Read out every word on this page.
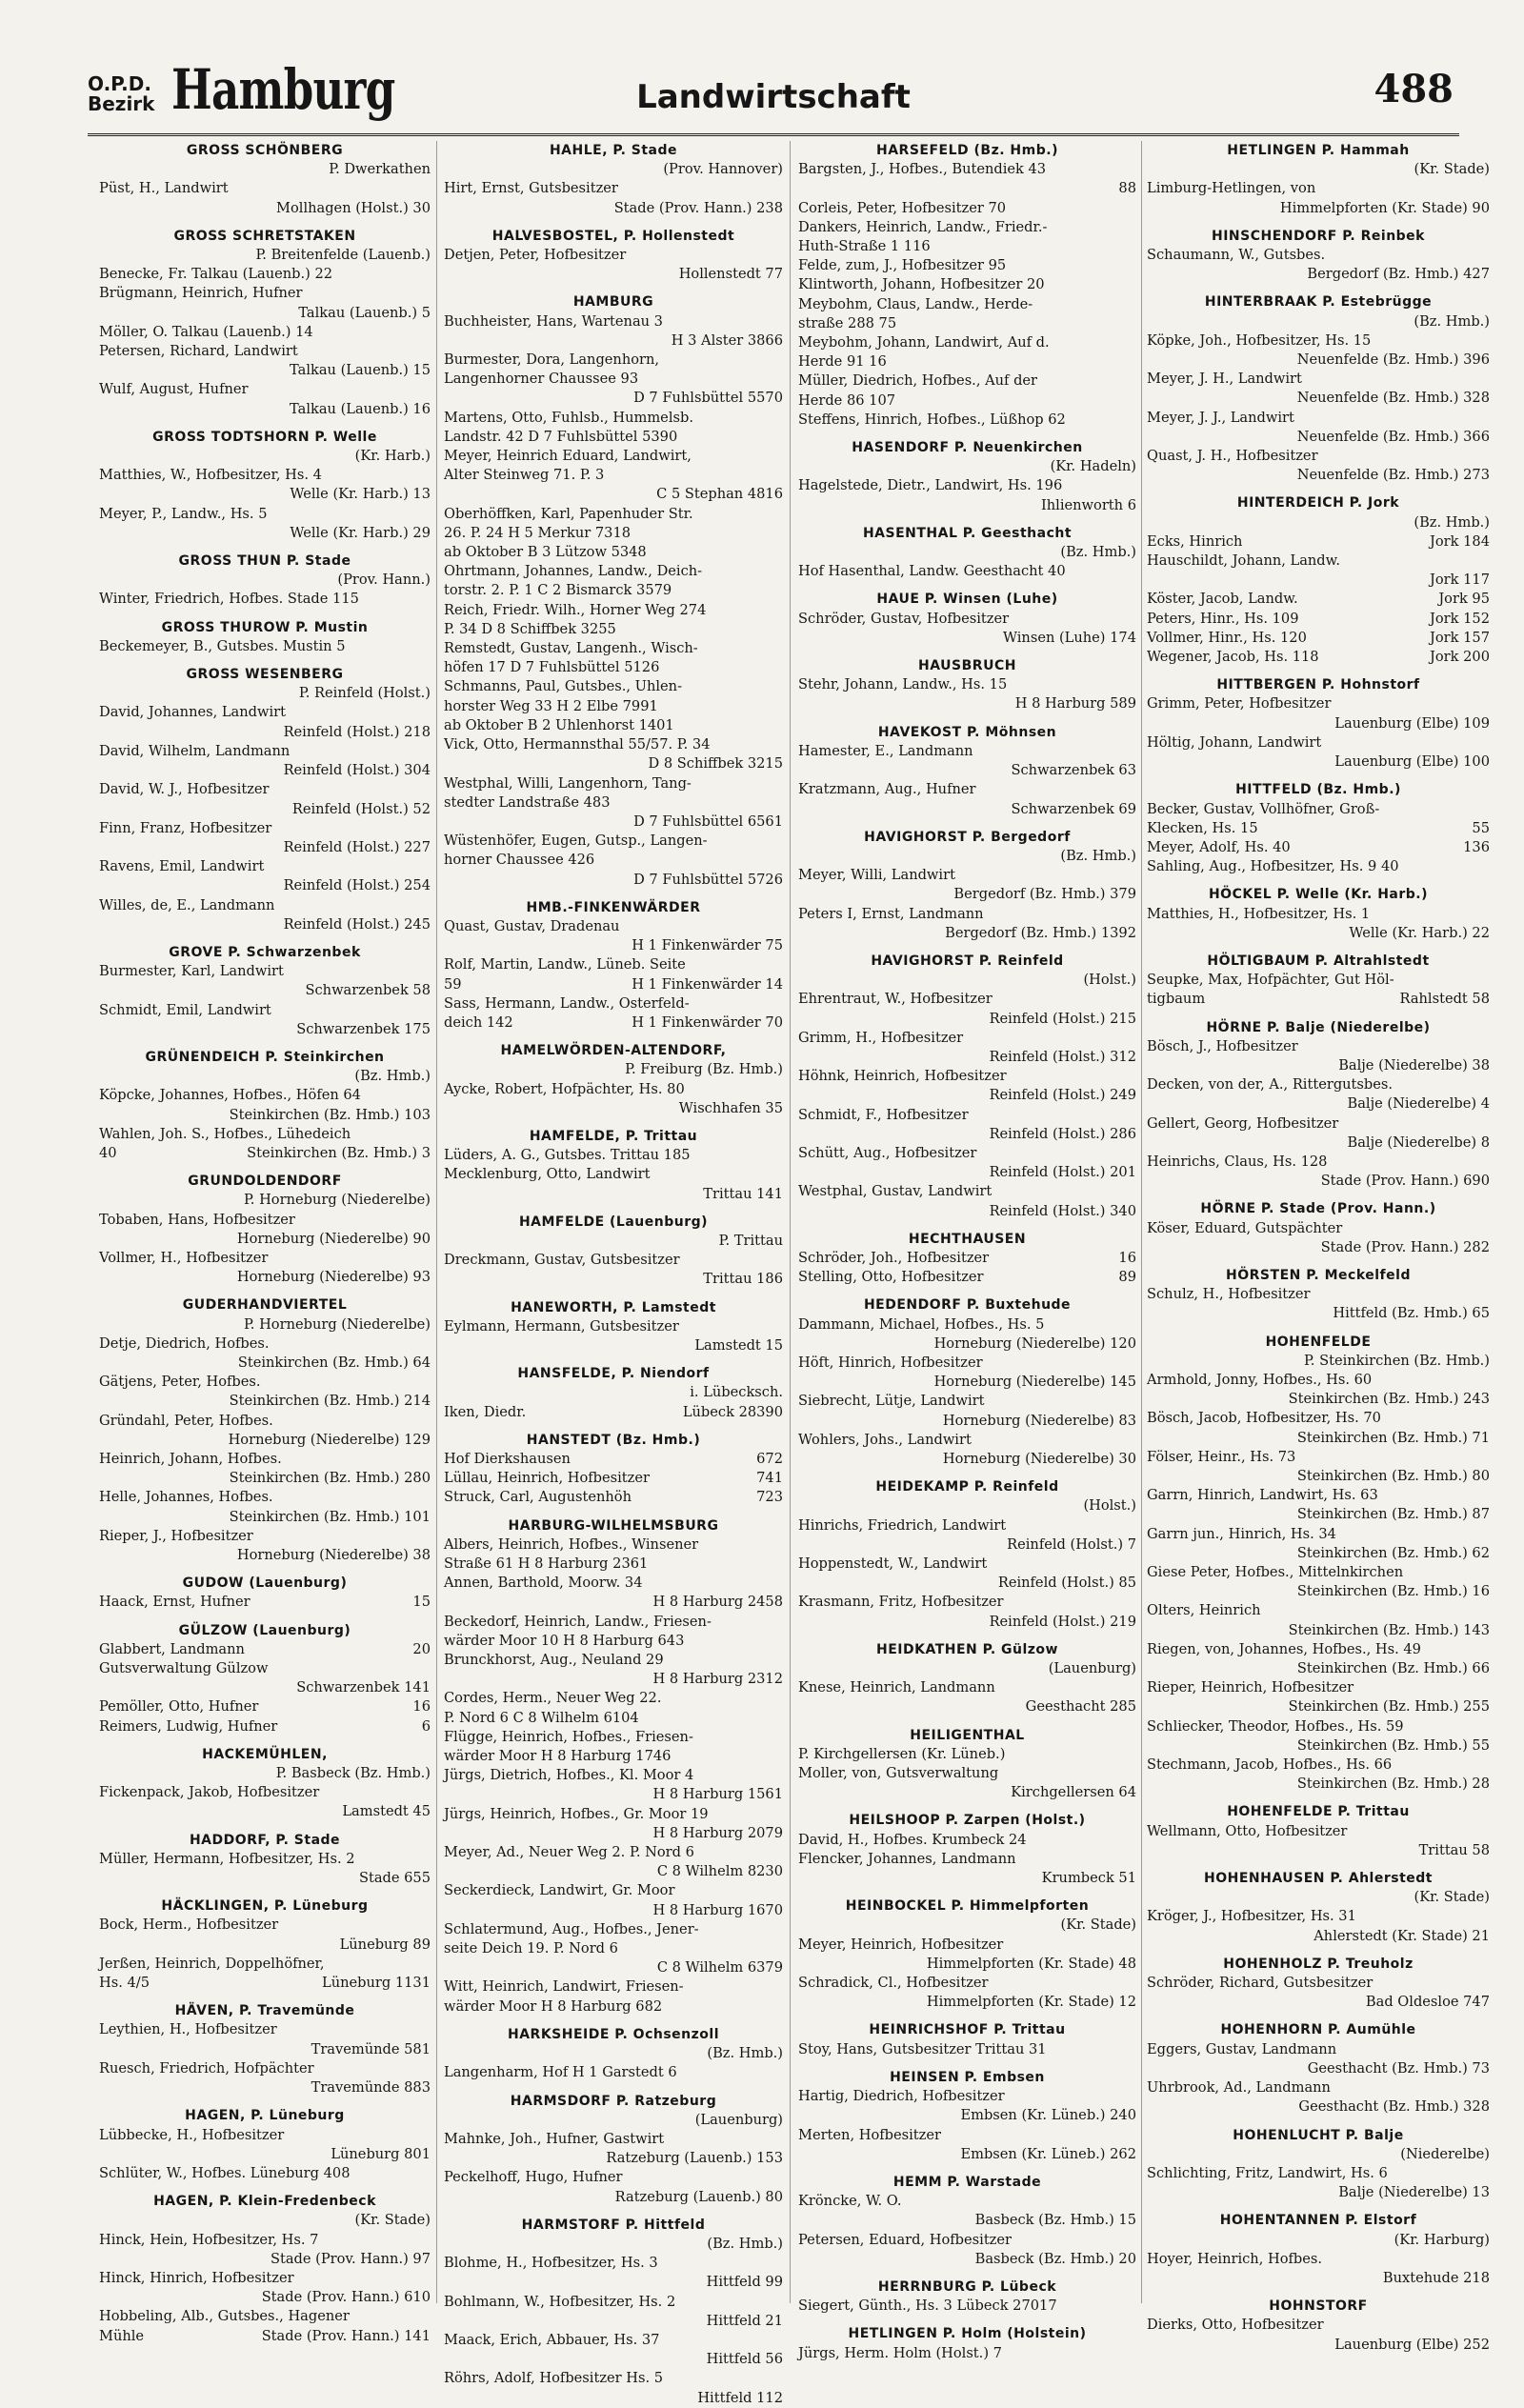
O.P.D.
Bezirk Hamburg	Landwirtschaft	488
GROSS SCHÖNBERG
P. Dwerkathen
Püst, H., Landwirt
Mollhagen (Holst.) 30
GROSS SCHRETSTAKEN
P. Breitenfelde (Lauenb.)
Benecke, Fr. Talkau (Lauenb.) 22
Brügmann, Heinrich, Hufner
Talkau (Lauenb.) 5
Möller, O. Talkau (Lauenb.) 14
Petersen, Richard, Landwirt
Talkau (Lauenb.) 15
Wulf, August, Hufner
Talkau (Lauenb.) 16
GROSS TODTSHORN P. Welle
(Kr. Harb.)
Matthies, W., Hofbesitzer, Hs. 4
Welle (Kr. Harb.) 13
Meyer, P., Landw., Hs. 5
Welle (Kr. Harb.) 29
GROSS THUN P. Stade
(Prov. Hann.)
Winter, Friedrich, Hofbes. Stade 115
GROSS THUROW P. Mustin
Beckemeyer, B., Gutsbes. Mustin 5
GROSS WESENBERG
P. Reinfeld (Holst.)
David, Johannes, Landwirt
Reinfeld (Holst.) 218
David, Wilhelm, Landmann
Reinfeld (Holst.) 304
David, W. J., Hofbesitzer
Reinfeld (Holst.) 52
Finn, Franz, Hofbesitzer
Reinfeld (Holst.) 227
Ravens, Emil, Landwirt
Reinfeld (Holst.) 254
Willes, de, E., Landmann
Reinfeld (Holst.) 245
GROVE P. Schwarzenbek
Burmester, Karl, Landwirt
Schwarzenbek 58
Schmidt, Emil, Landwirt
Schwarzenbek 175
GRÜNENDEICH P. Steinkirchen
(Bz. Hmb.)
Köpcke, Johannes, Hofbes., Höfen 64
Steinkirchen (Bz. Hmb.) 103
Wahlen, Joh. S., Hofbes., Lühedeich
40	Steinkirchen (Bz. Hmb.) 3
GRUNDOLDENDORF
P. Horneburg (Niederelbe)
Tobaben, Hans, Hofbesitzer
Horneburg (Niederelbe) 90
Vollmer, H., Hofbesitzer
Horneburg (Niederelbe) 93
GUDERHANDVIERTEL
P. Horneburg (Niederelbe)
Detje, Diedrich, Hofbes.
Steinkirchen (Bz. Hmb.) 64
Gätjens, Peter, Hofbes.
Steinkirchen (Bz. Hmb.) 214
Gründahl, Peter, Hofbes.
Horneburg (Niederelbe) 129
Heinrich, Johann, Hofbes.
Steinkirchen (Bz. Hmb.) 280
Helle, Johannes, Hofbes.
Steinkirchen (Bz. Hmb.) 101
Rieper, J., Hofbesitzer
Horneburg (Niederelbe) 38
GUDOW (Lauenburg)
Haack, Ernst, Hufner	15
GÜLZOW (Lauenburg)
Glabbert, Landmann	20
Gutsverwaltung Gülzow
Schwarzenbek 141
Pemöller, Otto, Hufner	16
Reimers, Ludwig, Hufner	6
HACKEMÜHLEN,
P. Basbeck (Bz. Hmb.)
Fickenpack, Jakob, Hofbesitzer
Lamstedt 45
HADDORF, P. Stade
Müller, Hermann, Hofbesitzer, Hs. 2
Stade 655
HÄCKLINGEN, P. Lüneburg
Bock, Herm., Hofbesitzer
Lüneburg 89
Jerßen, Heinrich, Doppelhöfner,
Hs. 4/5	Lüneburg 1131
HÄVEN, P. Travemünde
Leythien, H., Hofbesitzer
Travemünde 581
Ruesch, Friedrich, Hofpächter
Travemünde 883
HAGEN, P. Lüneburg
Lübbecke, H., Hofbesitzer
Lüneburg 801
Schlüter, W., Hofbes. Lüneburg 408
HAGEN, P. Klein-Fredenbeck
(Kr. Stade)
Hinck, Hein, Hofbesitzer, Hs. 7
Stade (Prov. Hann.) 97
Hinck, Hinrich, Hofbesitzer
Stade (Prov. Hann.) 610
Hobbeling, Alb., Gutsbes., Hagener
Mühle	Stade (Prov. Hann.) 141
HAHLE, P. Stade
(Prov. Hannover)
Hirt, Ernst, Gutsbesitzer
Stade (Prov. Hann.) 238
HALVESBOSTEL, P. Hollenstedt
Detjen, Peter, Hofbesitzer
Hollenstedt 77
HAMBURG
Buchheister, Hans, Wartenau 3
H 3 Alster 3866
Burmester, Dora, Langenhorn,
Langenhorner Chaussee 93
D 7 Fuhlsbüttel 5570
Martens, Otto, Fuhlsb., Hummelsb.
Landstr. 42 D 7 Fuhlsbüttel 5390
Meyer, Heinrich Eduard, Landwirt,
Alter Steinweg 71. P. 3
C 5 Stephan 4816
Oberhöffken, Karl, Papenhuder Str.
26. P. 24 H 5 Merkur 7318
ab Oktober B 3 Lützow 5348
Ohrtmann, Johannes, Landw., Deich-
torstr. 2. P. 1 C 2 Bismarck 3579
Reich, Friedr. Wilh., Horner Weg 274
P. 34 D 8 Schiffbek 3255
Remstedt, Gustav, Langenh., Wisch-
höfen 17 D 7 Fuhlsbüttel 5126
Schmanns, Paul, Gutsbes., Uhlen-
horster Weg 33 H 2 Elbe 7991
ab Oktober B 2 Uhlenhorst 1401
Vick, Otto, Hermannsthal 55/57. P. 34
D 8 Schiffbek 3215
Westphal, Willi, Langenhorn, Tang-
stedter Landstraße 483
D 7 Fuhlsbüttel 6561
Wüstenhöfer, Eugen, Gutsp., Langen-
horner Chaussee 426
D 7 Fuhlsbüttel 5726
HMB.-FINKENWÄRDER
Quast, Gustav, Dradenau
H 1 Finkenwärder 75
Rolf, Martin, Landw., Lüneb. Seite
59	H 1 Finkenwärder 14
Sass, Hermann, Landw., Osterfeld-
deich 142	H 1 Finkenwärder 70
HAMELWÖRDEN-ALTENDORF,
P. Freiburg (Bz. Hmb.)
Aycke, Robert, Hofpächter, Hs. 80
Wischhafen 35
HAMFELDE, P. Trittau
Lüders, A. G., Gutsbes. Trittau 185
Mecklenburg, Otto, Landwirt
Trittau 141
HAMFELDE (Lauenburg)
P. Trittau
Dreckmann, Gustav, Gutsbesitzer
Trittau 186
HANEWORTH, P. Lamstedt
Eylmann, Hermann, Gutsbesitzer
Lamstedt 15
HANSFELDE, P. Niendorf
i. Lübecksch.
Iken, Diedr.	Lübeck 28390
HANSTEDT (Bz. Hmb.)
Hof Dierkshausen	672
Lüllau, Heinrich, Hofbesitzer	741
Struck, Carl, Augustenhöh	723
HARBURG-WILHELMSBURG
Albers, Heinrich, Hofbes., Winsener
Straße 61 H 8 Harburg 2361
Annen, Barthold, Moorw. 34
H 8 Harburg 2458
Beckedorf, Heinrich, Landw., Friesen-
wärder Moor 10 H 8 Harburg 643
Brunckhorst, Aug., Neuland 29
H 8 Harburg 2312
Cordes, Herm., Neuer Weg 22.
P. Nord 6 C 8 Wilhelm 6104
Flügge, Heinrich, Hofbes., Friesen-
wärder Moor H 8 Harburg 1746
Jürgs, Dietrich, Hofbes., Kl. Moor 4
H 8 Harburg 1561
Jürgs, Heinrich, Hofbes., Gr. Moor 19
H 8 Harburg 2079
Meyer, Ad., Neuer Weg 2. P. Nord 6
C 8 Wilhelm 8230
Seckerdieck, Landwirt, Gr. Moor
H 8 Harburg 1670
Schlatermund, Aug., Hofbes., Jener-
seite Deich 19. P. Nord 6
C 8 Wilhelm 6379
Witt, Heinrich, Landwirt, Friesen-
wärder Moor H 8 Harburg 682
HARKSHEIDE P. Ochsenzoll
(Bz. Hmb.)
Langenharm, Hof H 1 Garstedt 6
HARMSDORF P. Ratzeburg
(Lauenburg)
Mahnke, Joh., Hufner, Gastwirt
Ratzeburg (Lauenb.) 153
Peckelhoff, Hugo, Hufner
Ratzeburg (Lauenb.) 80
HARMSTORF P. Hittfeld
(Bz. Hmb.)
Blohme, H., Hofbesitzer, Hs. 3
Hittfeld 99
Bohlmann, W., Hofbesitzer, Hs. 2
Hittfeld 21
Maack, Erich, Abbauer, Hs. 37
Hittfeld 56
Röhrs, Adolf, Hofbesitzer Hs. 5
Hittfeld 112
HARSEFELD (Bz. Hmb.)
Bargsten, J., Hofbes., Butendiek 43
88
Corleis, Peter, Hofbesitzer 70
Dankers, Heinrich, Landw., Friedr.-
Huth-Straße 1 116
Felde, zum, J., Hofbesitzer 95
Klintworth, Johann, Hofbesitzer 20
Meybohm, Claus, Landw., Herde-
straße 288 75
Meybohm, Johann, Landwirt, Auf d.
Herde 91 16
Müller, Diedrich, Hofbes., Auf der
Herde 86 107
Steffens, Hinrich, Hofbes., Lüßhop 62
HASENDORF P. Neuenkirchen
(Kr. Hadeln)
Hagelstede, Dietr., Landwirt, Hs. 196
Ihlienworth 6
HASENTHAL P. Geesthacht
(Bz. Hmb.)
Hof Hasenthal, Landw. Geesthacht 40
HAUE P. Winsen (Luhe)
Schröder, Gustav, Hofbesitzer
Winsen (Luhe) 174
HAUSBRUCH
Stehr, Johann, Landw., Hs. 15
H 8 Harburg 589
HAVEKOST P. Möhnsen
Hamester, E., Landmann
Schwarzenbek 63
Kratzmann, Aug., Hufner
Schwarzenbek 69
HAVIGHORST P. Bergedorf
(Bz. Hmb.)
Meyer, Willi, Landwirt
Bergedorf (Bz. Hmb.) 379
Peters I, Ernst, Landmann
Bergedorf (Bz. Hmb.) 1392
HAVIGHORST P. Reinfeld
(Holst.)
Ehrentraut, W., Hofbesitzer
Reinfeld (Holst.) 215
Grimm, H., Hofbesitzer
Reinfeld (Holst.) 312
Höhnk, Heinrich, Hofbesitzer
Reinfeld (Holst.) 249
Schmidt, F., Hofbesitzer
Reinfeld (Holst.) 286
Schütt, Aug., Hofbesitzer
Reinfeld (Holst.) 201
Westphal, Gustav, Landwirt
Reinfeld (Holst.) 340
HECHTHAUSEN
Schröder, Joh., Hofbesitzer	16
Stelling, Otto, Hofbesitzer	89
HEDENDORF P. Buxtehude
Dammann, Michael, Hofbes., Hs. 5
Horneburg (Niederelbe) 120
Höft, Hinrich, Hofbesitzer
Horneburg (Niederelbe) 145
Siebrecht, Lütje, Landwirt
Horneburg (Niederelbe) 83
Wohlers, Johs., Landwirt
Horneburg (Niederelbe) 30
HEIDEKAMP P. Reinfeld
(Holst.)
Hinrichs, Friedrich, Landwirt
Reinfeld (Holst.) 7
Hoppenstedt, W., Landwirt
Reinfeld (Holst.) 85
Krasmann, Fritz, Hofbesitzer
Reinfeld (Holst.) 219
HEIDKATHEN P. Gülzow
(Lauenburg)
Knese, Heinrich, Landmann
Geesthacht 285
HEILIGENTHAL
P. Kirchgellersen (Kr. Lüneb.)
Moller, von, Gutsverwaltung
Kirchgellersen 64
HEILSHOOP P. Zarpen (Holst.)
David, H., Hofbes. Krumbeck 24
Flencker, Johannes, Landmann
Krumbeck 51
HEINBOCKEL P. Himmelpforten
(Kr. Stade)
Meyer, Heinrich, Hofbesitzer
Himmelpforten (Kr. Stade) 48
Schradick, Cl., Hofbesitzer
Himmelpforten (Kr. Stade) 12
HEINRICHSHOF P. Trittau
Stoy, Hans, Gutsbesitzer Trittau 31
HEINSEN P. Embsen
Hartig, Diedrich, Hofbesitzer
Embsen (Kr. Lüneb.) 240
Merten, Hofbesitzer
Embsen (Kr. Lüneb.) 262
HEMM P. Warstade
Kröncke, W. O.
Basbeck (Bz. Hmb.) 15
Petersen, Eduard, Hofbesitzer
Basbeck (Bz. Hmb.) 20
HERRNBURG P. Lübeck
Siegert, Günth., Hs. 3 Lübeck 27017
HETLINGEN P. Holm (Holstein)
Jürgs, Herm. Holm (Holst.) 7
HETLINGEN P. Hammah
(Kr. Stade)
Limburg-Hetlingen, von
Himmelpforten (Kr. Stade) 90
HINSCHENDORF P. Reinbek
Schaumann, W., Gutsbes.
Bergedorf (Bz. Hmb.) 427
HINTERBRAAK P. Estebrügge
(Bz. Hmb.)
Köpke, Joh., Hofbesitzer, Hs. 15
Neuenfelde (Bz. Hmb.) 396
Meyer, J. H., Landwirt
Neuenfelde (Bz. Hmb.) 328
Meyer, J. J., Landwirt
Neuenfelde (Bz. Hmb.) 366
Quast, J. H., Hofbesitzer
Neuenfelde (Bz. Hmb.) 273
HINTERDEICH P. Jork
(Bz. Hmb.)
Ecks, Hinrich	Jork 184
Hauschildt, Johann, Landw.
Jork 117
Köster, Jacob, Landw.	Jork 95
Peters, Hinr., Hs. 109	Jork 152
Vollmer, Hinr., Hs. 120	Jork 157
Wegener, Jacob, Hs. 118	Jork 200
HITTBERGEN P. Hohnstorf
Grimm, Peter, Hofbesitzer
Lauenburg (Elbe) 109
Höltig, Johann, Landwirt
Lauenburg (Elbe) 100
HITTFELD (Bz. Hmb.)
Becker, Gustav, Vollhöfner, Groß-
Klecken, Hs. 15	55
Meyer, Adolf, Hs. 40	136
Sahling, Aug., Hofbesitzer, Hs. 9 40
HÖCKEL P. Welle (Kr. Harb.)
Matthies, H., Hofbesitzer, Hs. 1
Welle (Kr. Harb.) 22
HÖLTIGBAUM P. Altrahlstedt
Seupke, Max, Hofpächter, Gut Höl-
tigbaum	Rahlstedt 58
HÖRNE P. Balje (Niederelbe)
Bösch, J., Hofbesitzer
Balje (Niederelbe) 38
Decken, von der, A., Rittergutsbes.
Balje (Niederelbe) 4
Gellert, Georg, Hofbesitzer
Balje (Niederelbe) 8
Heinrichs, Claus, Hs. 128
Stade (Prov. Hann.) 690
HÖRNE P. Stade (Prov. Hann.)
Köser, Eduard, Gutspächter
Stade (Prov. Hann.) 282
HÖRSTEN P. Meckelfeld
Schulz, H., Hofbesitzer
Hittfeld (Bz. Hmb.) 65
HOHENFELDE
P. Steinkirchen (Bz. Hmb.)
Armhold, Jonny, Hofbes., Hs. 60
Steinkirchen (Bz. Hmb.) 243
Bösch, Jacob, Hofbesitzer, Hs. 70
Steinkirchen (Bz. Hmb.) 71
Fölser, Heinr., Hs. 73
Steinkirchen (Bz. Hmb.) 80
Garrn, Hinrich, Landwirt, Hs. 63
Steinkirchen (Bz. Hmb.) 87
Garrn jun., Hinrich, Hs. 34
Steinkirchen (Bz. Hmb.) 62
Giese Peter, Hofbes., Mittelnkirchen
Steinkirchen (Bz. Hmb.) 16
Olters, Heinrich
Steinkirchen (Bz. Hmb.) 143
Riegen, von, Johannes, Hofbes., Hs. 49
Steinkirchen (Bz. Hmb.) 66
Rieper, Heinrich, Hofbesitzer
Steinkirchen (Bz. Hmb.) 255
Schliecker, Theodor, Hofbes., Hs. 59
Steinkirchen (Bz. Hmb.) 55
Stechmann, Jacob, Hofbes., Hs. 66
Steinkirchen (Bz. Hmb.) 28
HOHENFELDE P. Trittau
Wellmann, Otto, Hofbesitzer
Trittau 58
HOHENHAUSEN P. Ahlerstedt
(Kr. Stade)
Kröger, J., Hofbesitzer, Hs. 31
Ahlerstedt (Kr. Stade) 21
HOHENHOLZ P. Treuholz
Schröder, Richard, Gutsbesitzer
Bad Oldesloe 747
HOHENHORN P. Aumühle
Eggers, Gustav, Landmann
Geesthacht (Bz. Hmb.) 73
Uhrbrook, Ad., Landmann
Geesthacht (Bz. Hmb.) 328
HOHENLUCHT P. Balje
(Niederelbe)
Schlichting, Fritz, Landwirt, Hs. 6
Balje (Niederelbe) 13
HOHENTANNEN P. Elstorf
(Kr. Harburg)
Hoyer, Heinrich, Hofbes.
Buxtehude 218
HOHNSTORF
Dierks, Otto, Hofbesitzer
Lauenburg (Elbe) 252
